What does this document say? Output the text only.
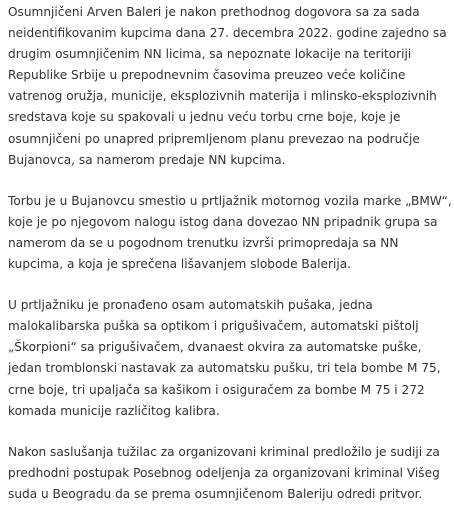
Osumnjičeni Arven Baleri je nakon prethodnog dogovora sa za sada
neidentifikovanim kupcima dana 27. decembra 2022. godine zajedno sa
drugim osumnjičenim NN licima, sa nepoznate lokacije na teritoriji
Republike Srbije u prepodnevnim časovima preuzeo veće količine
vatrenog oružja, municije, eksplozivnih materija i mlinsko-eksplozivnih
sredstava koje su spakovali u jednu veću torbu crne boje, koje je
osumnjičeni po unapred pripremljenom planu prevezao na područje
Bujanovca, sa namerom predaje NN kupcima.

Torbu je u Bujanovcu smestio u prtljažnik motornog vozila marke „BMW“,
koje je po njegovom nalogu istog dana dovezao NN pripadnik grupa sa
namerom da se u pogodnom trenutku izvrši primopredaja sa NN
kupcima, a koja je sprečena lišavanjem slobode Balerija.

U prtljažniku je pronađeno osam automatskih pušaka, jedna
malokalibarska puška sa optikom i prigušivačem, automatski pištolj
„Škorpioni“ sa prigušivačem, dvanaest okvira za automatske puške,
jedan tromblonski nastavak za automatsku pušku, tri tela bombe M 75,
crne boje, tri upaljača sa kašikom i osiguračem za bombe M 75 i 272
komada municije različitog kalibra.

Nakon saslušanja tužilac za organizovani kriminal predložilo je sudiji za
predhodni postupak Posebnog odeljenja za organizovani kriminal Višeg
suda u Beogradu da se prema osumnjičenom Baleriju odredi pritvor.
